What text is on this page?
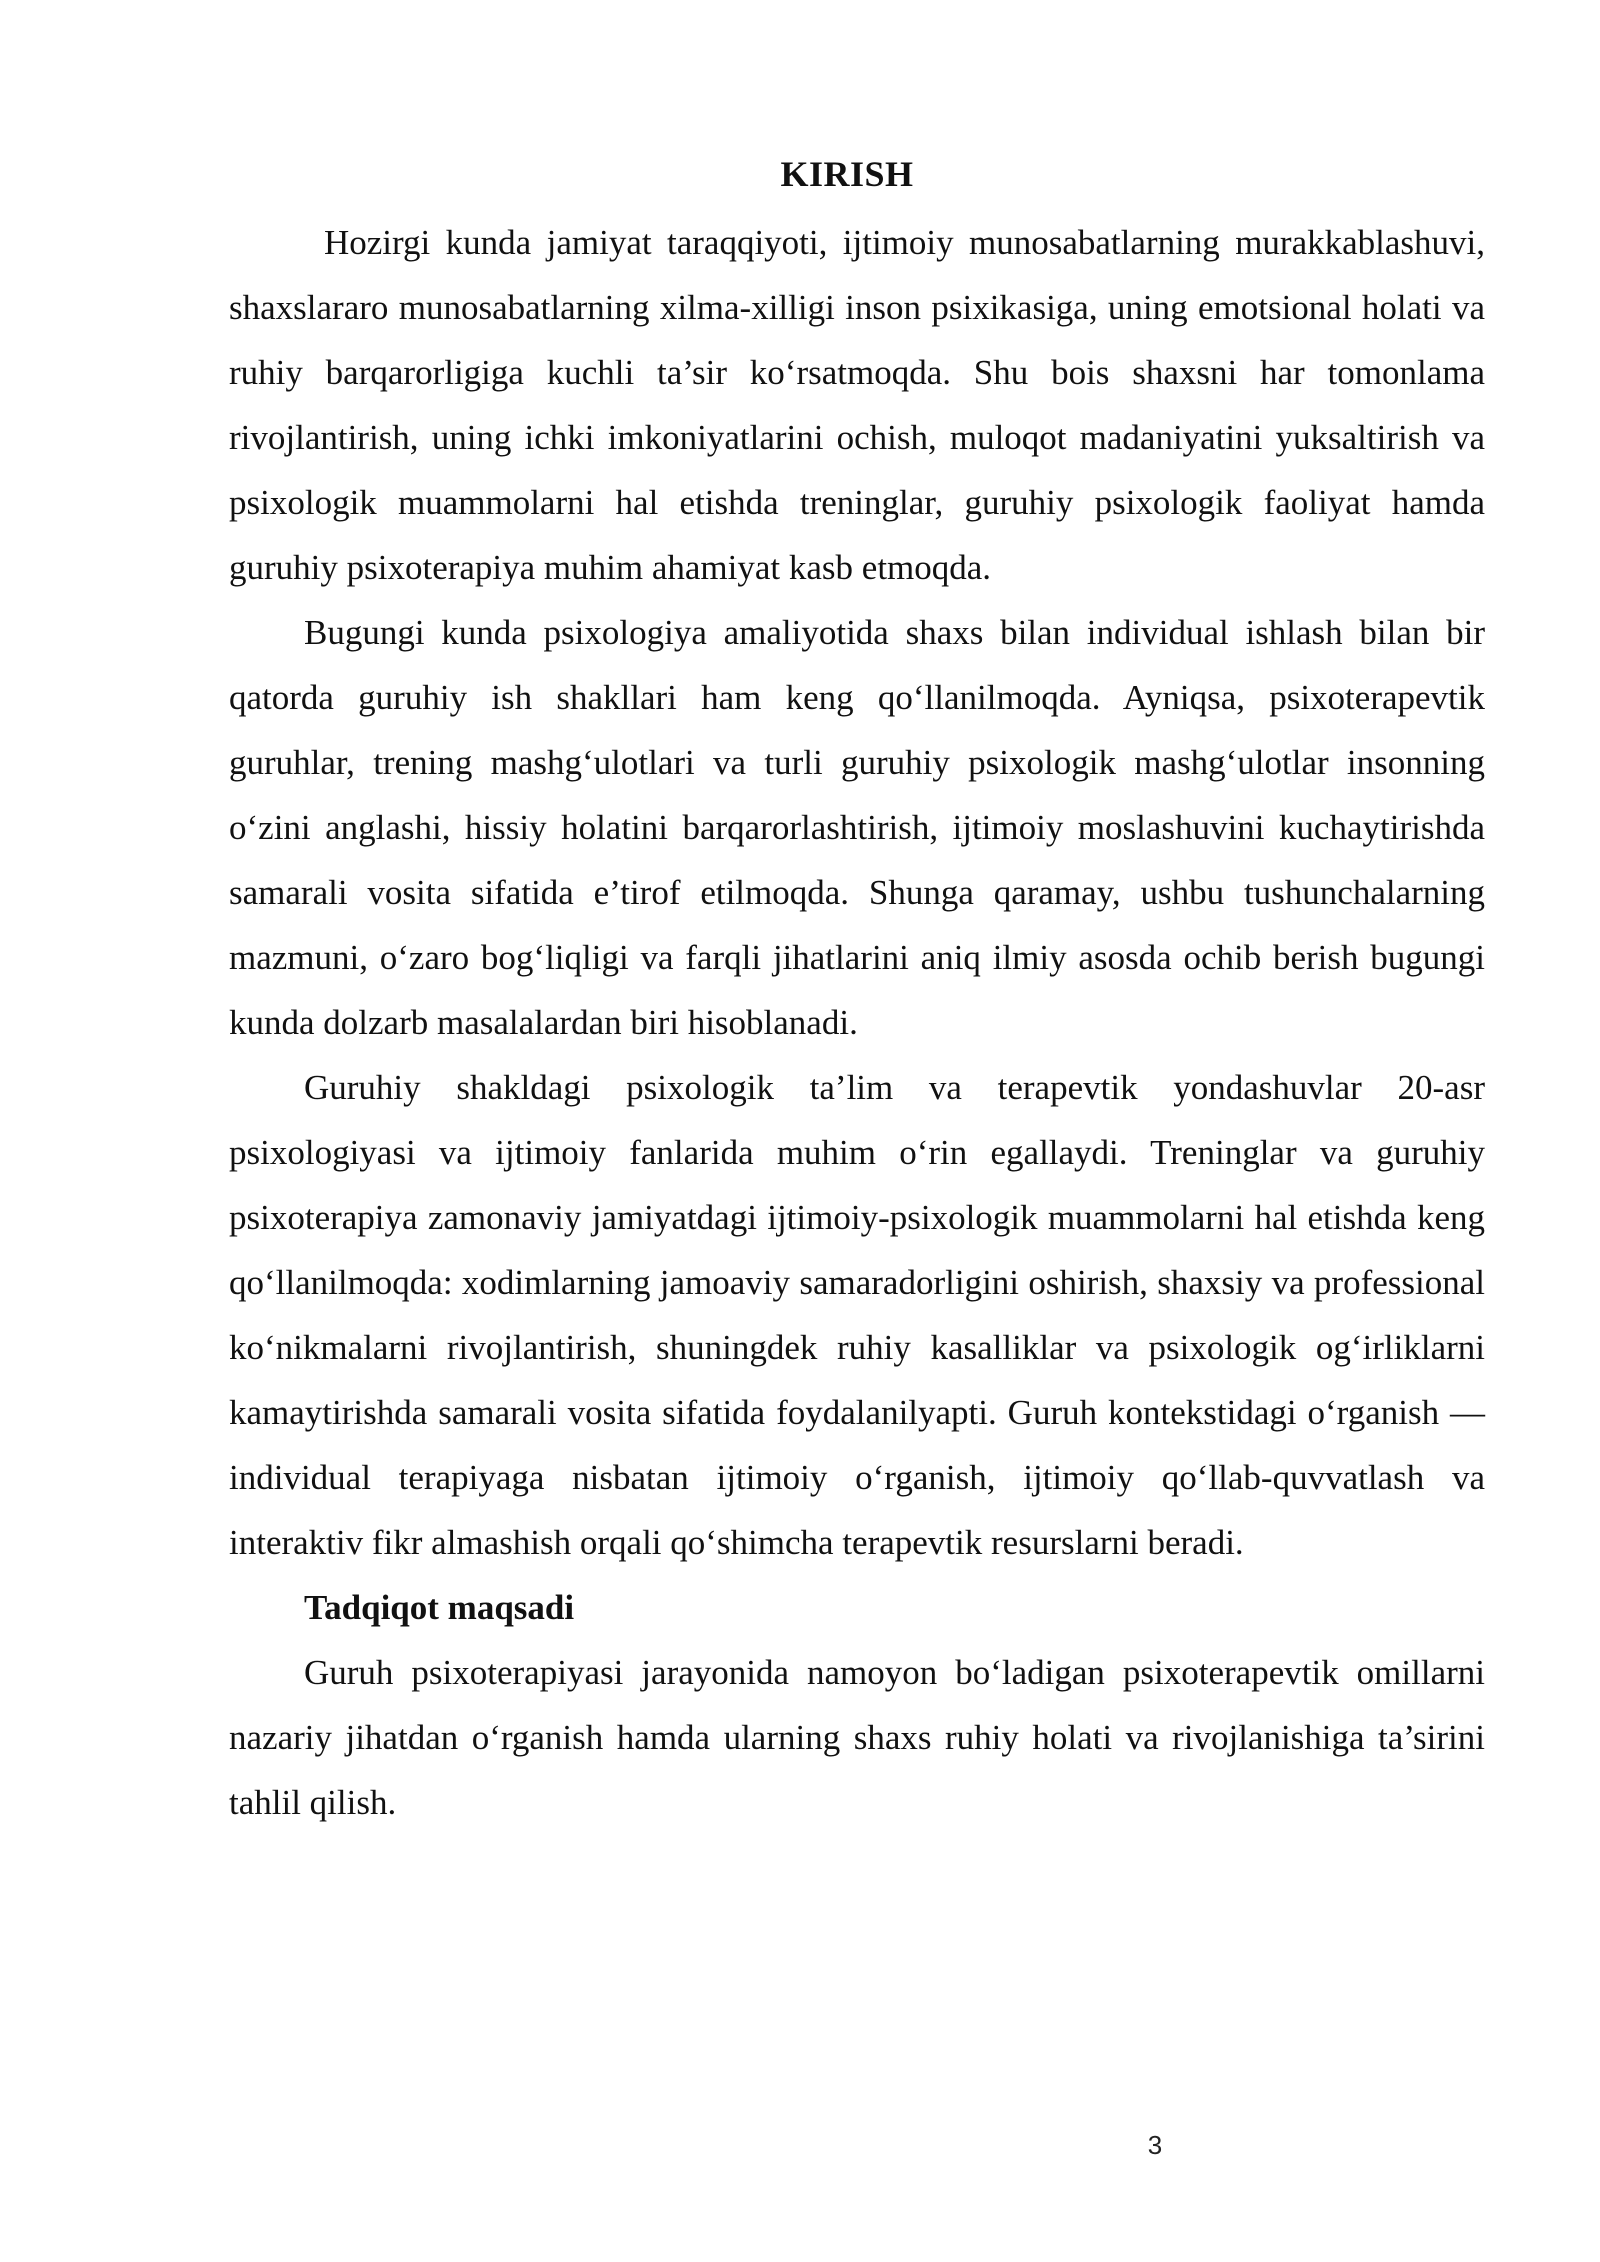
KIRISH

Hozirgi kunda jamiyat taraqqiyoti, ijtimoiy munosabatlarning murakkablashuvi, shaxslararo munosabatlarning xilma-xilligi inson psixikasiga, uning emotsional holati va ruhiy barqarorligiga kuchli ta’sir ko‘rsatmoqda. Shu bois shaxsni har tomonlama rivojlantirish, uning ichki imkoniyatlarini ochish, muloqot madaniyatini yuksaltirish va psixologik muammolarni hal etishda treninglar, guruhiy psixologik faoliyat hamda guruhiy psixoterapiya muhim ahamiyat kasb etmoqda.

Bugungi kunda psixologiya amaliyotida shaxs bilan individual ishlash bilan bir qatorda guruhiy ish shakllari ham keng qo‘llanilmoqda. Ayniqsa, psixoterapevtik guruhlar, trening mashg‘ulotlari va turli guruhiy psixologik mashg‘ulotlar insonning o‘zini anglashi, hissiy holatini barqarorlashtirish, ijtimoiy moslashuvini kuchaytirishda samarali vosita sifatida e’tirof etilmoqda. Shunga qaramay, ushbu tushunchalarning mazmuni, o‘zaro bog‘liqligi va farqli jihatlarini aniq ilmiy asosda ochib berish bugungi kunda dolzarb masalalardan biri hisoblanadi.

Guruhiy shakldagi psixologik ta’lim va terapevtik yondashuvlar 20-asr psixologiyasi va ijtimoiy fanlarida muhim o‘rin egallaydi. Treninglar va guruhiy psixoterapiya zamonaviy jamiyatdagi ijtimoiy-psixologik muammolarni hal etishda keng qo‘llanilmoqda: xodimlarning jamoaviy samaradorligini oshirish, shaxsiy va professional ko‘nikmalarni rivojlantirish, shuningdek ruhiy kasalliklar va psixologik og‘irliklarni kamaytirishda samarali vosita sifatida foydalanilyapti. Guruh kontekstidagi o‘rganish — individual terapiyaga nisbatan ijtimoiy o‘rganish, ijtimoiy qo‘llab-quvvatlash va interaktiv fikr almashish orqali qo‘shimcha terapevtik resurslarni beradi.

Tadqiqot maqsadi

Guruh psixoterapiyasi jarayonida namoyon bo‘ladigan psixoterapevtik omillarni nazariy jihatdan o‘rganish hamda ularning shaxs ruhiy holati va rivojlanishiga ta’sirini tahlil qilish.

3
